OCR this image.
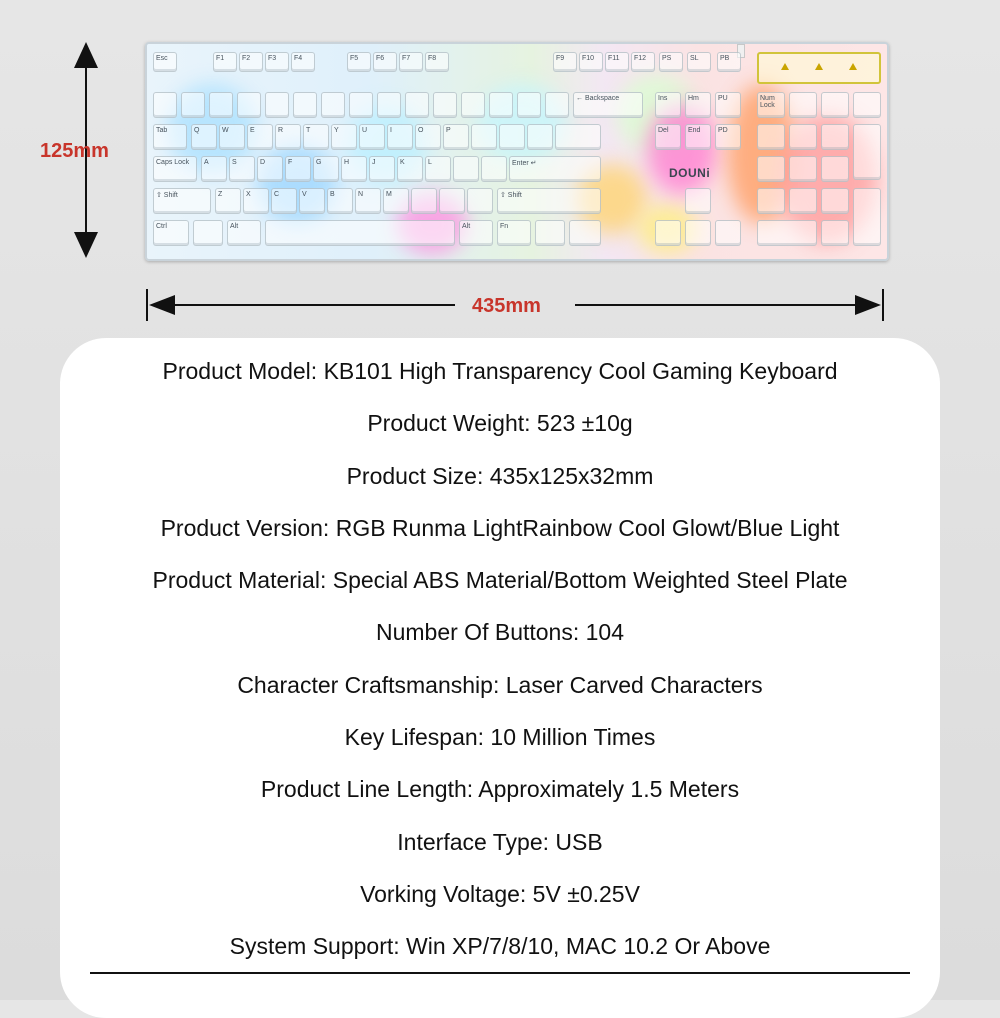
125mm
Esc	F1	F2	F3	F4	F5	F6	F7	F8	F9	F10	F11	F12	PS	SL	PB
← Backspace	Ins	Hm	PU	Num Lock
Tab	Q	W	E	R	T	Y	U	I	O	P	Del	End	PD
Caps Lock	A	S	D	F	G	H	J	K	L	Enter ↵
DOUNi
⇧ Shift	Z	X	C	V	B	N	M	⇧ Shift
Ctrl	Alt	Alt	Fn
435mm
Product Model: KB101 High Transparency Cool Gaming Keyboard
Product Weight: 523 ±10g
Product Size: 435x125x32mm
Product Version: RGB Runma LightRainbow Cool Glowt/Blue Light
Product Material: Special ABS Material/Bottom Weighted Steel Plate
Number Of Buttons: 104
Character Craftsmanship: Laser Carved Characters
Key Lifespan: 10 Million Times
Product Line Length: Approximately 1.5 Meters
Interface Type: USB
Vorking Voltage: 5V ±0.25V
System Support: Win XP/7/8/10, MAC 10.2 Or Above
